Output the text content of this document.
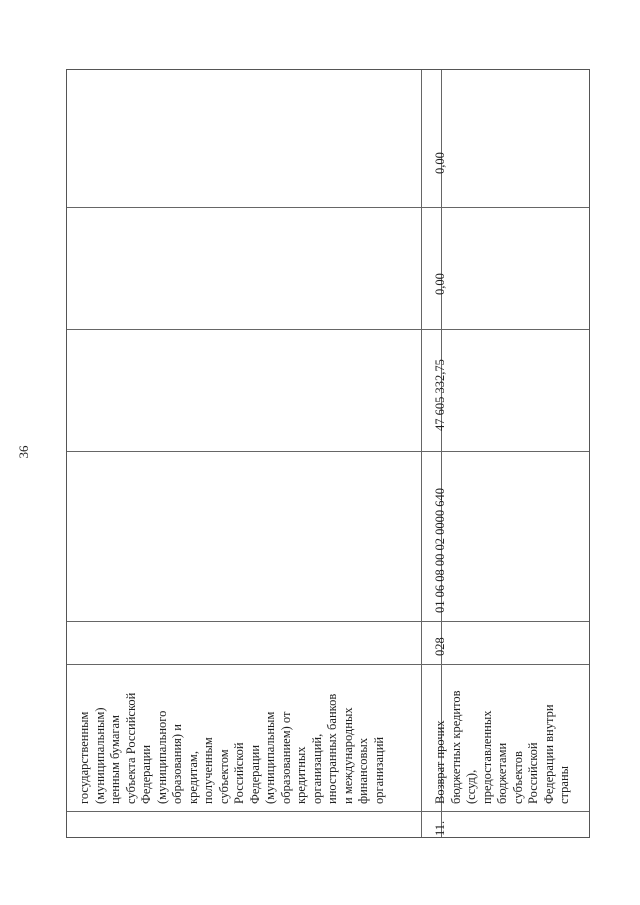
36
государственным (муниципальным) ценным бумагам субъекта Российской Федерации (муниципального образования) и кредитам, полученным субъектом Российской Федерации (муниципальным образованием) от кредитных организаций, иностранных банков и международных финансовых организаций
11.
Возврат прочих бюджетных кредитов (ссуд), предоставленных бюджетами субъектов Российской Федерации внутри страны
028
01 06 08 00 02 0000 640
47 605 332,75
0,00
0,00
